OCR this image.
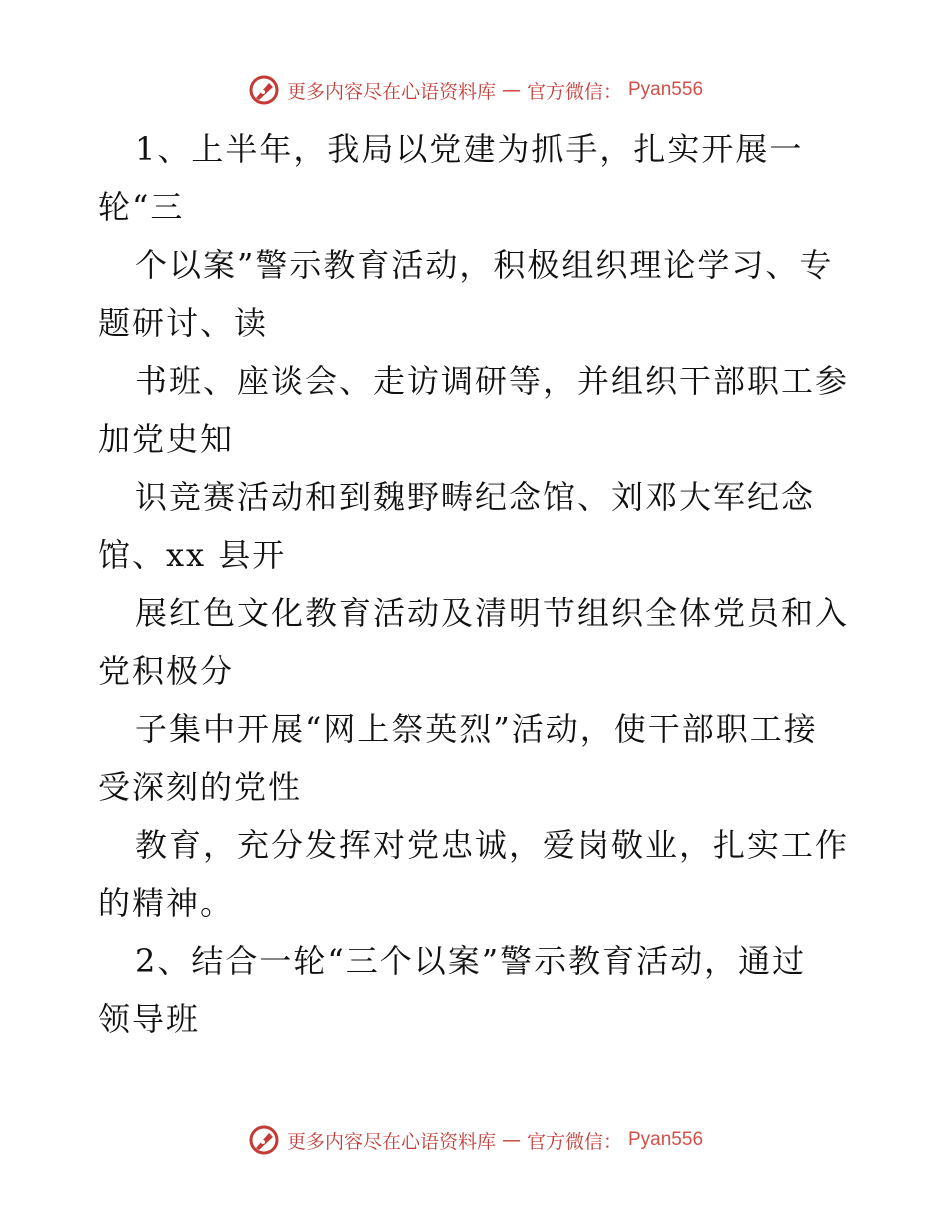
更多内容尽在心语资料库 — 官方微信： Pyan556
1、上半年，我局以党建为抓手，扎实开展一
轮“三
个以案”警示教育活动，积极组织理论学习、专
题研讨、读
书班、座谈会、走访调研等，并组织干部职工参
加党史知
识竞赛活动和到魏野畴纪念馆、刘邓大军纪念
馆、xx 县开
展红色文化教育活动及清明节组织全体党员和入
党积极分
子集中开展“网上祭英烈”活动，使干部职工接
受深刻的党性
教育，充分发挥对党忠诚，爱岗敬业，扎实工作
的精神。
2、结合一轮“三个以案”警示教育活动，通过
领导班
更多内容尽在心语资料库 — 官方微信： Pyan556
